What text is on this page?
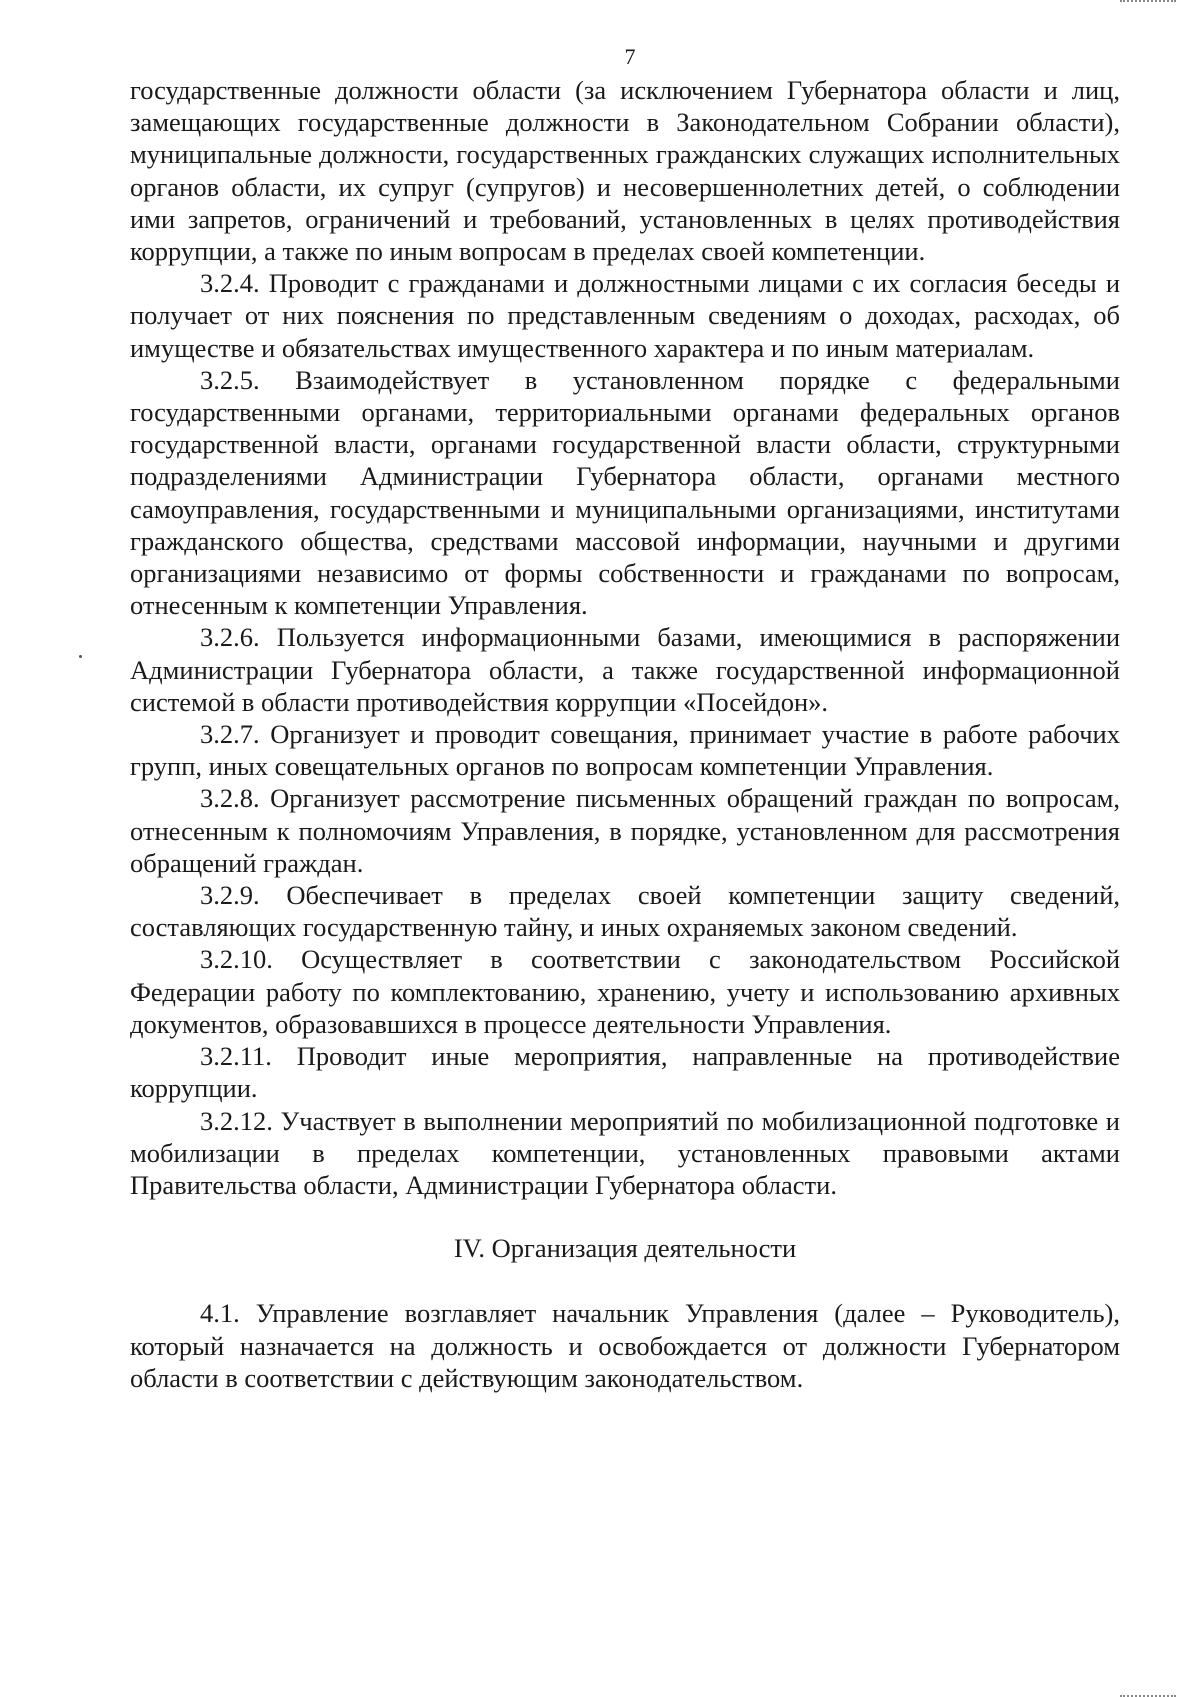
7

государственные должности области (за исключением Губернатора области и лиц, замещающих государственные должности в Законодательном Собрании области), муниципальные должности, государственных гражданских служащих исполнительных органов области, их супруг (супругов) и несовершеннолетних детей, о соблюдении ими запретов, ограничений и требований, установленных в целях противодействия коррупции, а также по иным вопросам в пределах своей компетенции.

3.2.4. Проводит с гражданами и должностными лицами с их согласия беседы и получает от них пояснения по представленным сведениям о доходах, расходах, об имуществе и обязательствах имущественного характера и по иным материалам.

3.2.5. Взаимодействует в установленном порядке с федеральными государственными органами, территориальными органами федеральных органов государственной власти, органами государственной власти области, структурными подразделениями Администрации Губернатора области, органами местного самоуправления, государственными и муниципальными организациями, институтами гражданского общества, средствами массовой информации, научными и другими организациями независимо от формы собственности и гражданами по вопросам, отнесенным к компетенции Управления.

3.2.6. Пользуется информационными базами, имеющимися в распоряжении Администрации Губернатора области, а также государственной информационной системой в области противодействия коррупции «Посейдон».

3.2.7. Организует и проводит совещания, принимает участие в работе рабочих групп, иных совещательных органов по вопросам компетенции Управления.

3.2.8. Организует рассмотрение письменных обращений граждан по вопросам, отнесенным к полномочиям Управления, в порядке, установленном для рассмотрения обращений граждан.

3.2.9. Обеспечивает в пределах своей компетенции защиту сведений, составляющих государственную тайну, и иных охраняемых законом сведений.

3.2.10. Осуществляет в соответствии с законодательством Российской Федерации работу по комплектованию, хранению, учету и использованию архивных документов, образовавшихся в процессе деятельности Управления.

3.2.11. Проводит иные мероприятия, направленные на противодействие коррупции.

3.2.12. Участвует в выполнении мероприятий по мобилизационной подготовке и мобилизации в пределах компетенции, установленных правовыми актами Правительства области, Администрации Губернатора области.

IV. Организация деятельности

4.1. Управление возглавляет начальник Управления (далее – Руководитель), который назначается на должность и освобождается от должности Губернатором области в соответствии с действующим законодательством.
